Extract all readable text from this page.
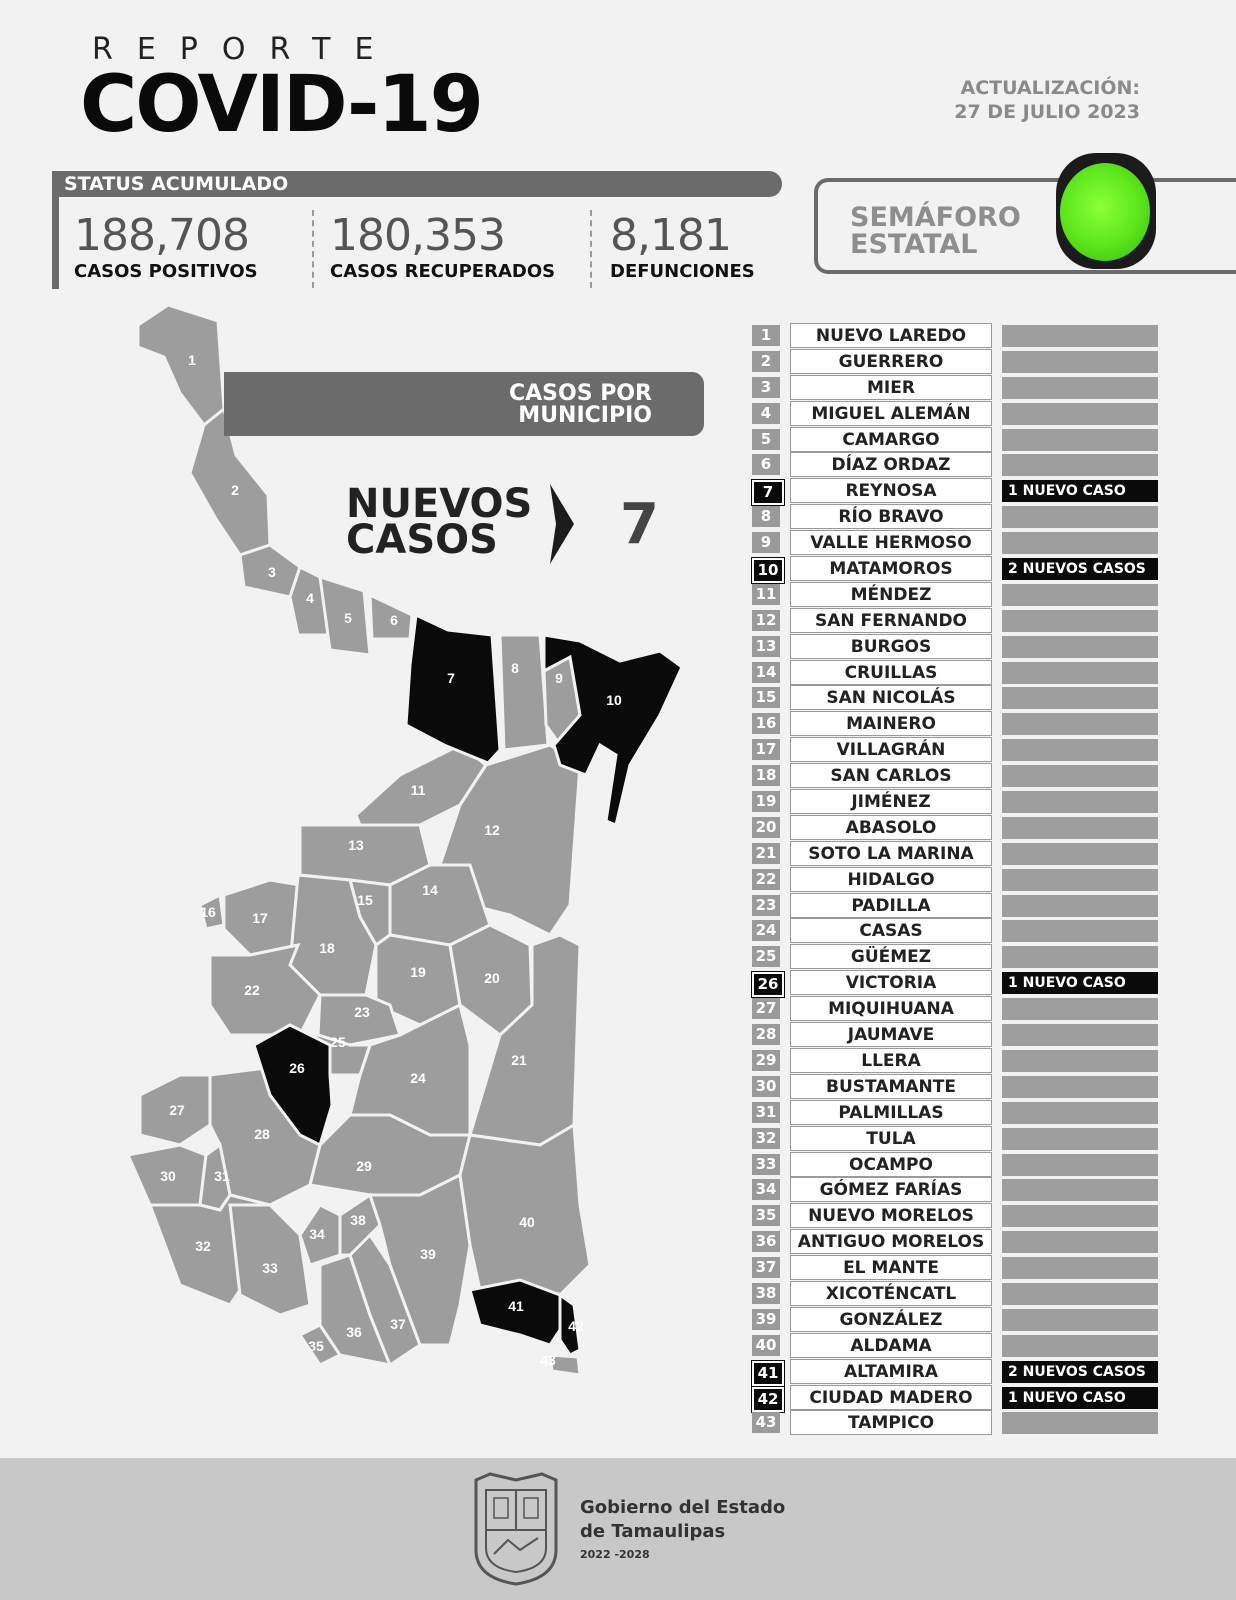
REPORTE
COVID-19	ACTUALIZACIÓN:
27 DE JULIO 2023
STATUS ACUMULADO
188,708
CASOS POSITIVOS
180,353
CASOS RECUPERADOS
8,181
DEFUNCIONES
SEMÁFORO
ESTATAL
1
2
3
4
5	6
7
8
9
10
11
12
13
14
15
16	17
18
19	20
21
22
23
24
25
26
27
28
29
30	31
32
33
34
35
36 37
38
39
40
41
42
43
CASOS POR
MUNICIPIO
NUEVOS
CASOS	7
1	NUEVO LAREDO
2	GUERRERO
3	MIER
4	MIGUEL ALEMÁN
5	CAMARGO
6	DÍAZ ORDAZ
7	REYNOSA	1 NUEVO CASO
8	RÍO BRAVO
9	VALLE HERMOSO
10	MATAMOROS	2 NUEVOS CASOS
11	MÉNDEZ
12	SAN FERNANDO
13	BURGOS
14	CRUILLAS
15	SAN NICOLÁS
16	MAINERO
17	VILLAGRÁN
18	SAN CARLOS
19	JIMÉNEZ
20	ABASOLO
21	SOTO LA MARINA
22	HIDALGO
23	PADILLA
24	CASAS
25	GÜÉMEZ
26	VICTORIA	1 NUEVO CASO
27	MIQUIHUANA
28	JAUMAVE
29	LLERA
30	BUSTAMANTE
31	PALMILLAS
32	TULA
33	OCAMPO
34	GÓMEZ FARÍAS
35	NUEVO MORELOS
36	ANTIGUO MORELOS
37	EL MANTE
38	XICOTÉNCATL
39	GONZÁLEZ
40	ALDAMA
41	ALTAMIRA	2 NUEVOS CASOS
42	CIUDAD MADERO	1 NUEVO CASO
43	TAMPICO
Gobierno del Estado
de Tamaulipas
2022 -2028
